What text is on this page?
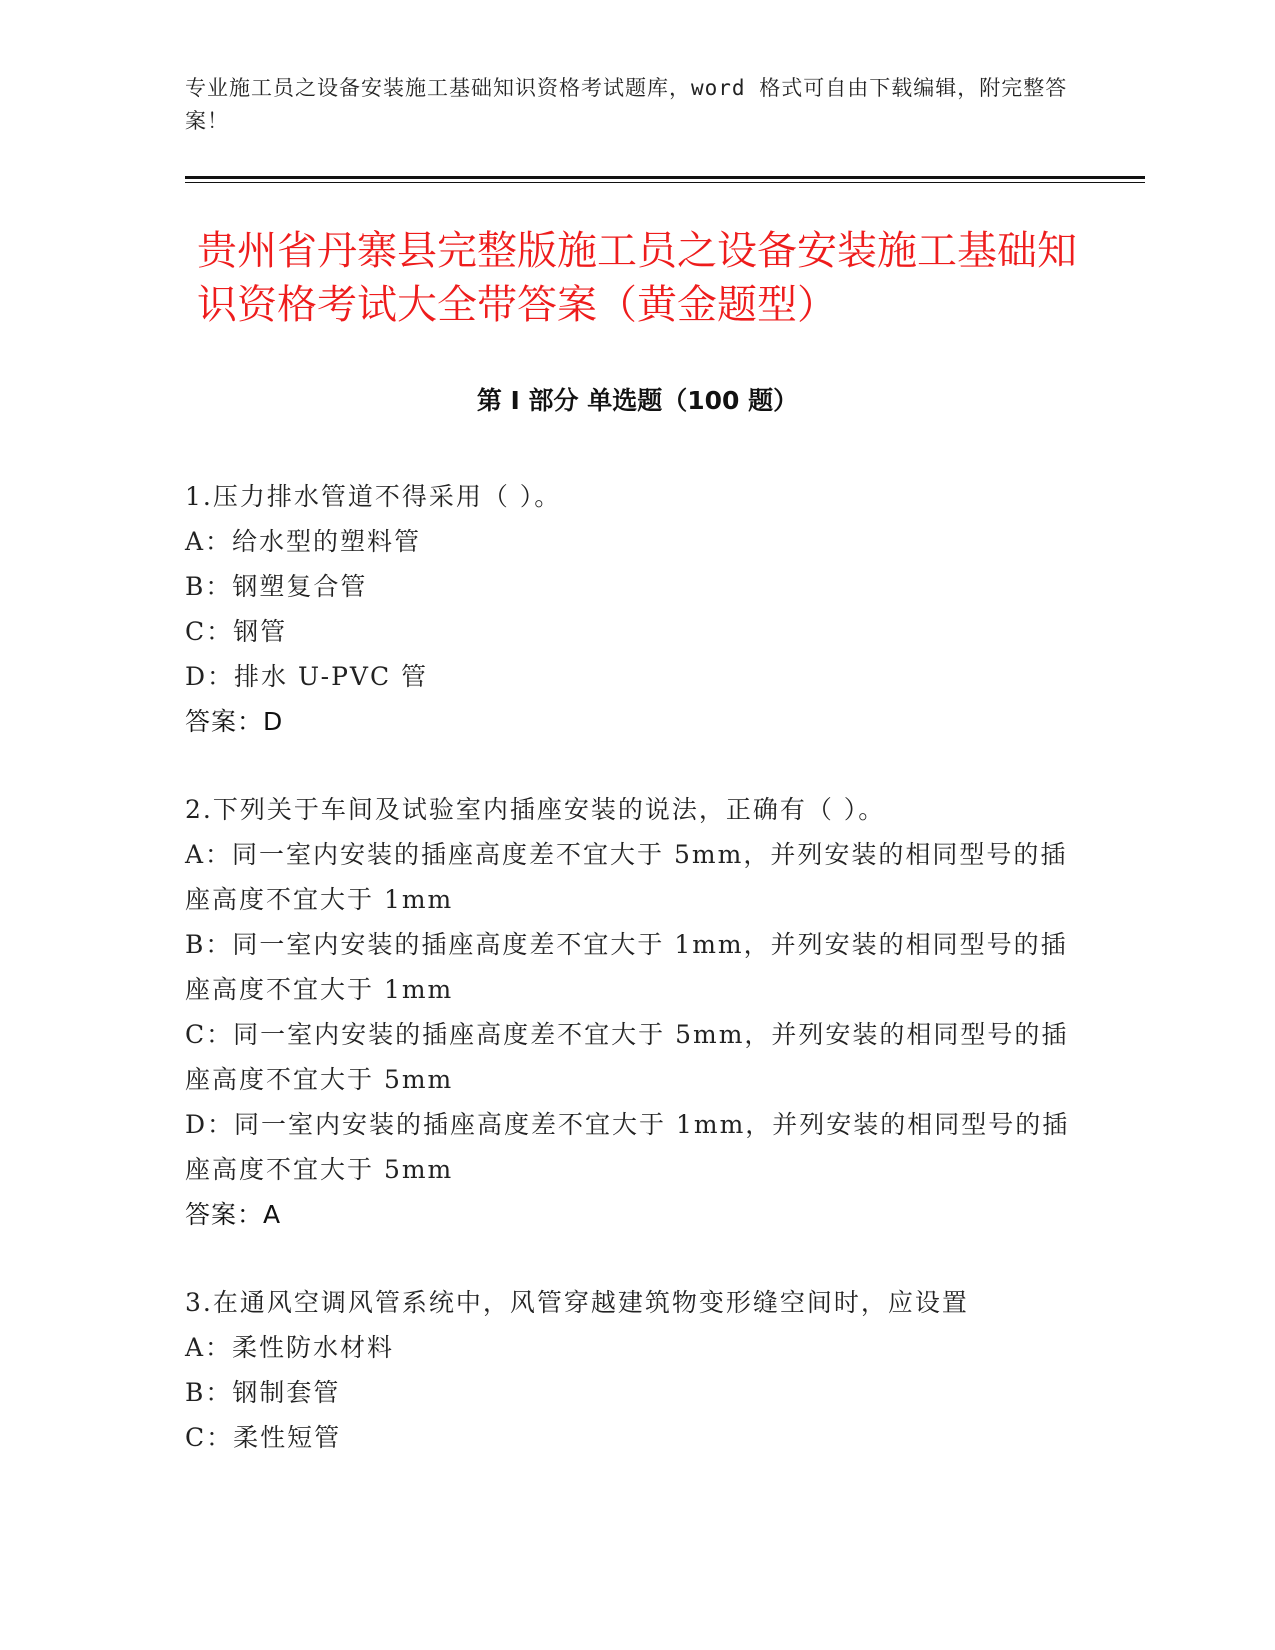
专业施工员之设备安装施工基础知识资格考试题库，word 格式可自由下载编辑，附完整答案！
贵州省丹寨县完整版施工员之设备安装施工基础知识资格考试大全带答案（黄金题型）
第 I 部分 单选题（100 题）
1.压力排水管道不得采用（ ）。

A：给水型的塑料管

B：钢塑复合管

C：钢管

D：排水 U-PVC 管

答案：D
2.下列关于车间及试验室内插座安装的说法，正确有（ ）。

A：同一室内安装的插座高度差不宜大于 5mm，并列安装的相同型号的插座高度不宜大于 1mm

B：同一室内安装的插座高度差不宜大于 1mm，并列安装的相同型号的插座高度不宜大于 1mm

C：同一室内安装的插座高度差不宜大于 5mm，并列安装的相同型号的插座高度不宜大于 5mm

D：同一室内安装的插座高度差不宜大于 1mm，并列安装的相同型号的插座高度不宜大于 5mm

答案：A
3.在通风空调风管系统中，风管穿越建筑物变形缝空间时，应设置

A：柔性防水材料

B：钢制套管

C：柔性短管
